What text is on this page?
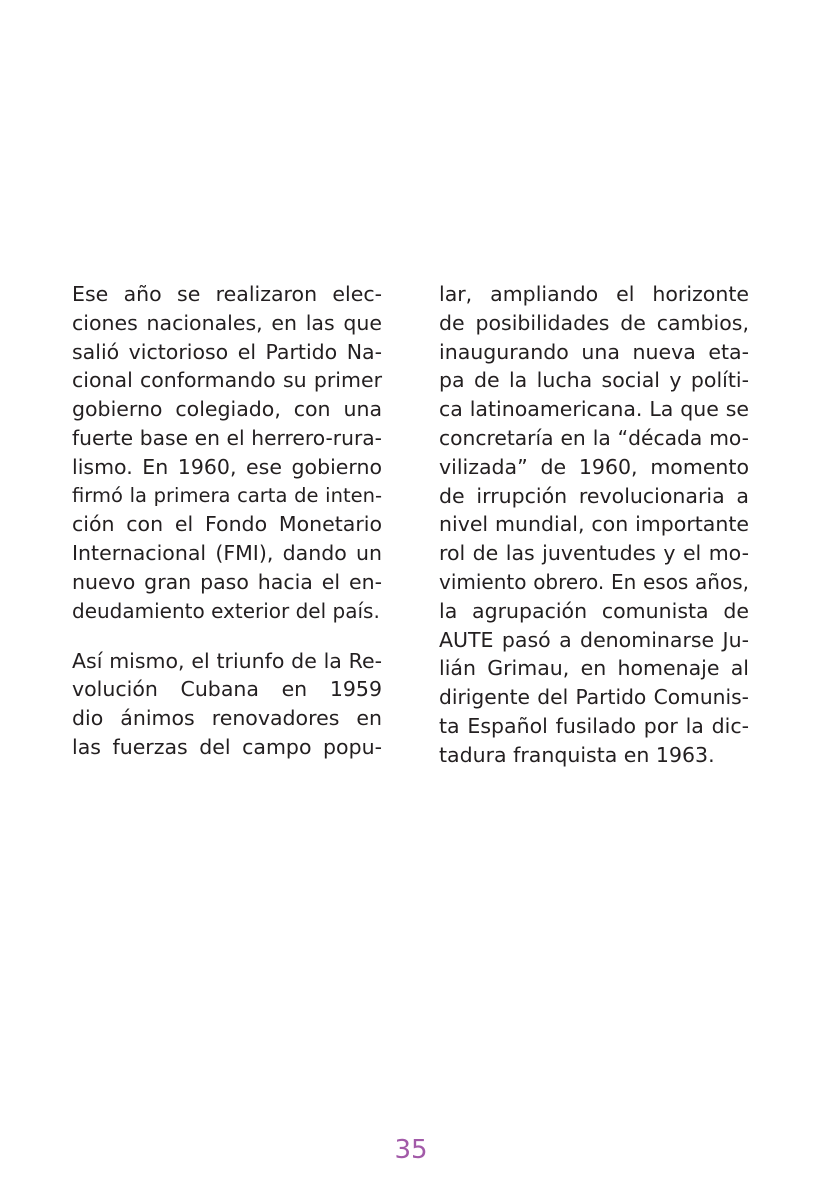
Ese año se realizaron elec-
ciones nacionales, en las que
salió victorioso el Partido Na-
cional conformando su primer
gobierno colegiado, con una
fuerte base en el herrero-rura-
lismo. En 1960, ese gobierno
firmó la primera carta de inten-
ción con el Fondo Monetario
Internacional (FMI), dando un
nuevo gran paso hacia el en-
deudamiento exterior del país.
Así mismo, el triunfo de la Re-
volución Cubana en 1959
dio ánimos renovadores en
las fuerzas del campo popu-
lar, ampliando el horizonte
de posibilidades de cambios,
inaugurando una nueva eta-
pa de la lucha social y políti-
ca latinoamericana. La que se
concretaría en la “década mo-
vilizada” de 1960, momento
de irrupción revolucionaria a
nivel mundial, con importante
rol de las juventudes y el mo-
vimiento obrero. En esos años,
la agrupación comunista de
AUTE pasó a denominarse Ju-
lián Grimau, en homenaje al
dirigente del Partido Comunis-
ta Español fusilado por la dic-
tadura franquista en 1963.
35
